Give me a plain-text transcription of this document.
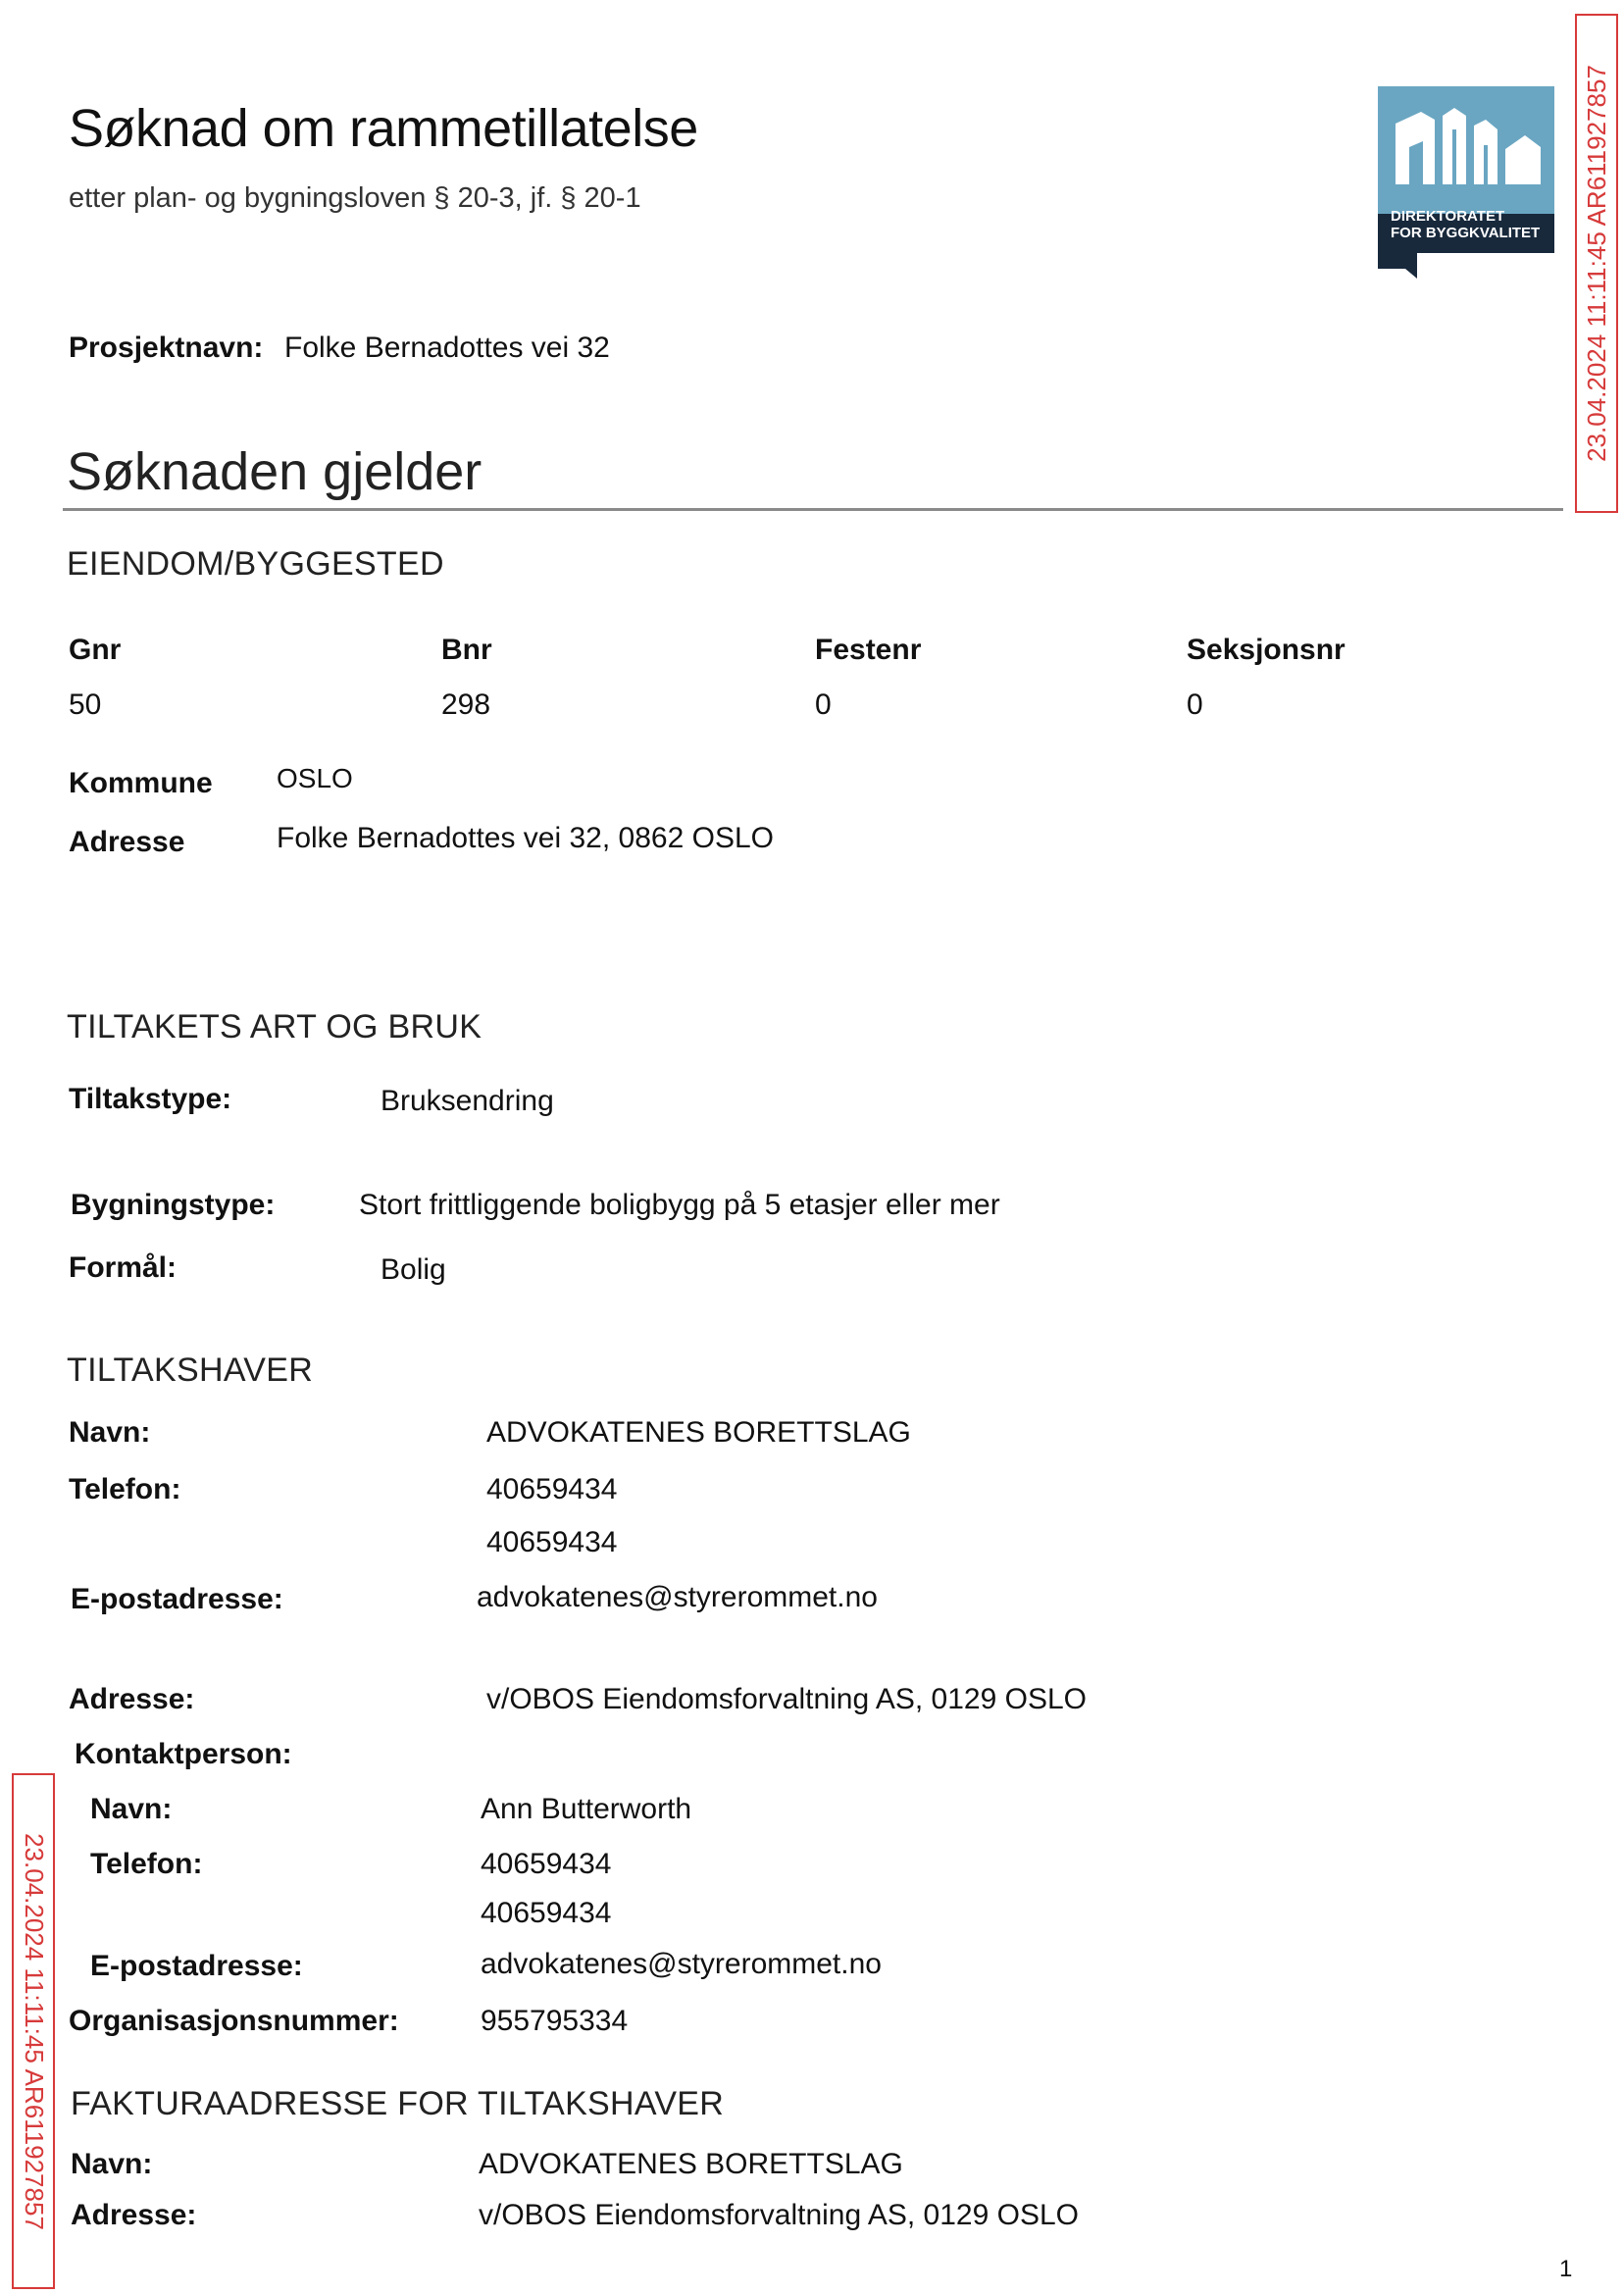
Søknad om rammetillatelse
etter plan- og bygningsloven § 20-3, jf. § 20-1
DIREKTORATET
FOR BYGGKVALITET 23.04.2024 11:11:45 AR611927857
23.04.2024 11:11:45 AR611927857
Prosjektnavn: Folke Bernadottes vei 32
Søknaden gjelder
EIENDOM/BYGGESTED
Gnr	Bnr	Festenr	Seksjonsnr
50	298	0	0
Kommune OSLO
Adresse	Folke Bernadottes vei 32, 0862 OSLO
TILTAKETS ART OG BRUK
Tiltakstype:	Bruksendring
Bygningstype:	Stort frittliggende boligbygg på 5 etasjer eller mer
Formål:	Bolig
TILTAKSHAVER
Navn:	ADVOKATENES BORETTSLAG
Telefon:	40659434
40659434
E-postadresse:	advokatenes@styrerommet.no
Adresse:	v/OBOS Eiendomsforvaltning AS, 0129 OSLO
Kontaktperson:
Navn:	Ann Butterworth
Telefon:	40659434
40659434
E-postadresse:	advokatenes@styrerommet.no
Organisasjonsnummer:	955795334
FAKTURAADRESSE FOR TILTAKSHAVER
Navn:	ADVOKATENES BORETTSLAG
Adresse:	v/OBOS Eiendomsforvaltning AS, 0129 OSLO
1
